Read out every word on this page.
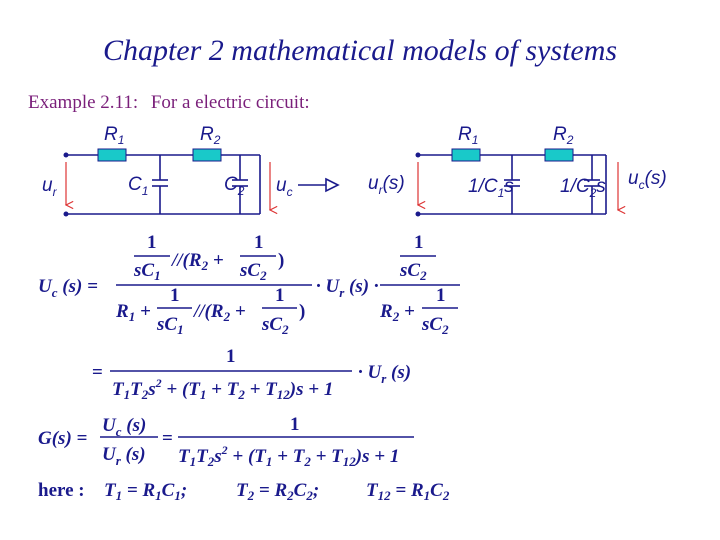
Chapter 2 mathematical models of systems
Example 2.11: For a electric circuit:
$R_1$	$R_2$
$C_1$	$C_2$
$u_r$	$u_c$
$R_1$	$R_2$
$1/C_1s$ $1/C_2s$
$u_r(s)$	$u_c(s)$
$U_c$ (s) =
1
$sC_1$
$//(R_2$ +
1
$sC_2$
)
$R_1$ +
1
$sC_1$
$//(R_2$ +
1
$sC_2$
)
· $U_r$ (s) ·
1
$sC_2$
$R_2$ +
1
$sC_2$
=
1
$T_1T_2s^2 + (T_1 + T_2 + T_{12})s + 1$
· $U_r$ (s)
G(s) =
$U_c$ (s)
$U_r$ (s)
=
1
$T_1T_2s^2 + (T_1 + T_2 + T_{12})s + 1$
here : $T_1 = R_1C_1$;	$T_2 = R_2C_2$; $T_{12} = R_1C_2$
